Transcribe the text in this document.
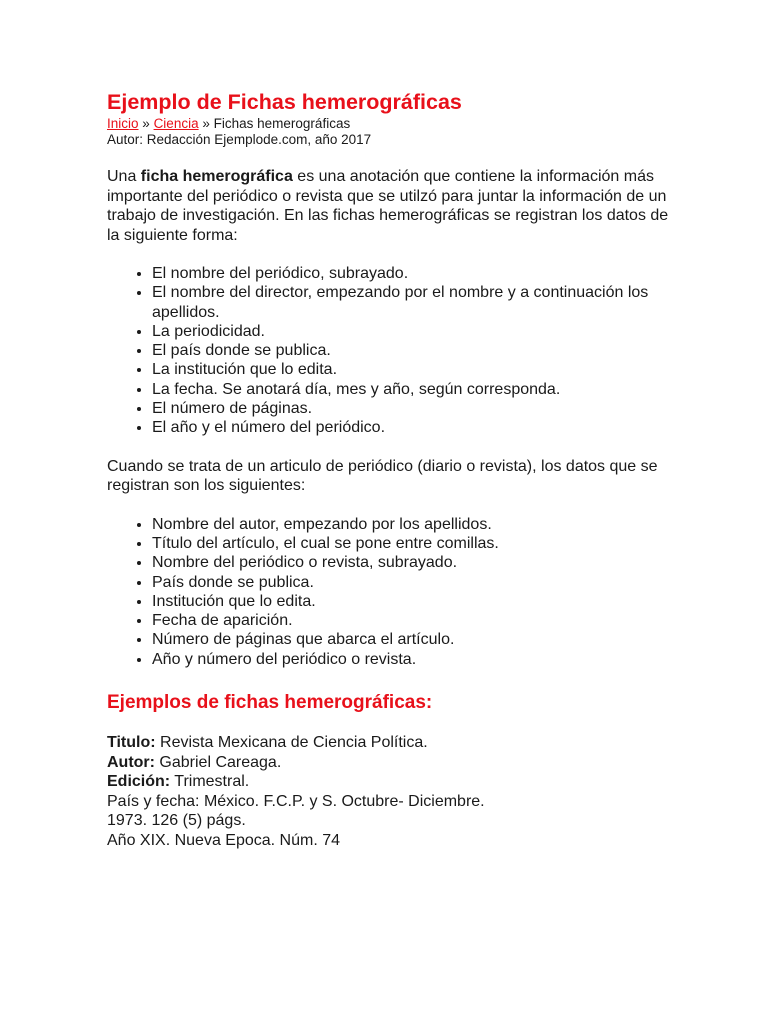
Ejemplo de Fichas hemerográficas
Inicio » Ciencia » Fichas hemerográficas
Autor: Redacción Ejemplode.com, año 2017

Una ficha hemerográfica es una anotación que contiene la información más importante del periódico o revista que se utilzó para juntar la información de un trabajo de investigación. En las fichas hemerográficas se registran los datos de la siguiente forma:

• El nombre del periódico, subrayado.
• El nombre del director, empezando por el nombre y a continuación los apellidos.
• La periodicidad.
• El país donde se publica.
• La institución que lo edita.
• La fecha. Se anotará día, mes y año, según corresponda.
• El número de páginas.
• El año y el número del periódico.

Cuando se trata de un articulo de periódico (diario o revista), los datos que se registran son los siguientes:

• Nombre del autor, empezando por los apellidos.
• Título del artículo, el cual se pone entre comillas.
• Nombre del periódico o revista, subrayado.
• País donde se publica.
• Institución que lo edita.
• Fecha de aparición.
• Número de páginas que abarca el artículo.
• Año y número del periódico o revista.
Ejemplos de fichas hemerográficas:
Titulo: Revista Mexicana de Ciencia Política.
Autor: Gabriel Careaga.
Edición: Trimestral.
País y fecha: México. F.C.P. y S. Octubre- Diciembre.
1973. 126 (5) págs.
Año XIX. Nueva Epoca. Núm. 74
